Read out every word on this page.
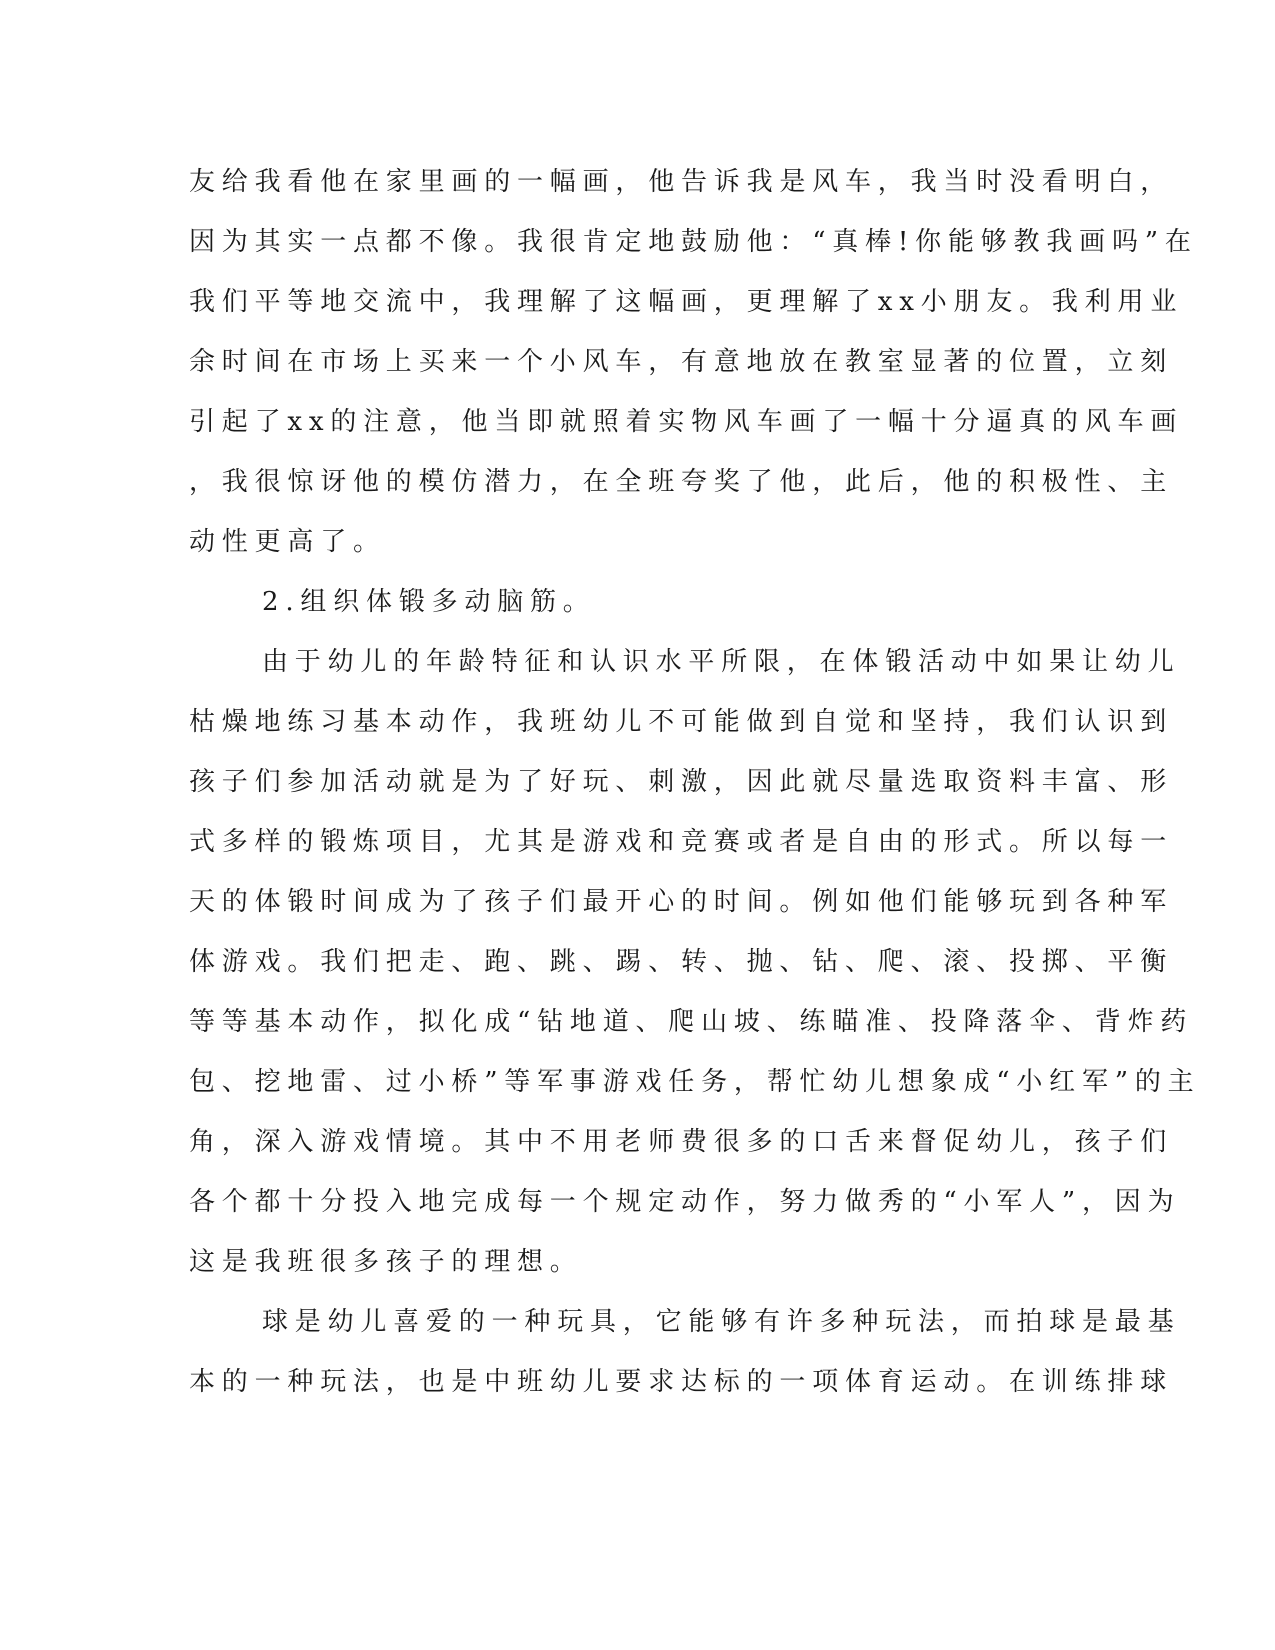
友给我看他在家里画的一幅画，他告诉我是风车，我当时没看明白，

因为其实一点都不像。我很肯定地鼓励他：“真棒!你能够教我画吗”在

我们平等地交流中，我理解了这幅画，更理解了xx小朋友。我利用业

余时间在市场上买来一个小风车，有意地放在教室显著的位置，立刻

引起了xx的注意，他当即就照着实物风车画了一幅十分逼真的风车画

，我很惊讶他的模仿潜力，在全班夸奖了他，此后，他的积极性、主

动性更高了。

2.组织体锻多动脑筋。

由于幼儿的年龄特征和认识水平所限，在体锻活动中如果让幼儿

枯燥地练习基本动作，我班幼儿不可能做到自觉和坚持，我们认识到

孩子们参加活动就是为了好玩、刺激，因此就尽量选取资料丰富、形

式多样的锻炼项目，尤其是游戏和竞赛或者是自由的形式。所以每一

天的体锻时间成为了孩子们最开心的时间。例如他们能够玩到各种军

体游戏。我们把走、跑、跳、踢、转、抛、钻、爬、滚、投掷、平衡

等等基本动作，拟化成“钻地道、爬山坡、练瞄准、投降落伞、背炸药

包、挖地雷、过小桥”等军事游戏任务，帮忙幼儿想象成“小红军”的主

角，深入游戏情境。其中不用老师费很多的口舌来督促幼儿，孩子们

各个都十分投入地完成每一个规定动作，努力做秀的“小军人”，因为

这是我班很多孩子的理想。

球是幼儿喜爱的一种玩具，它能够有许多种玩法，而拍球是最基

本的一种玩法，也是中班幼儿要求达标的一项体育运动。在训练排球
